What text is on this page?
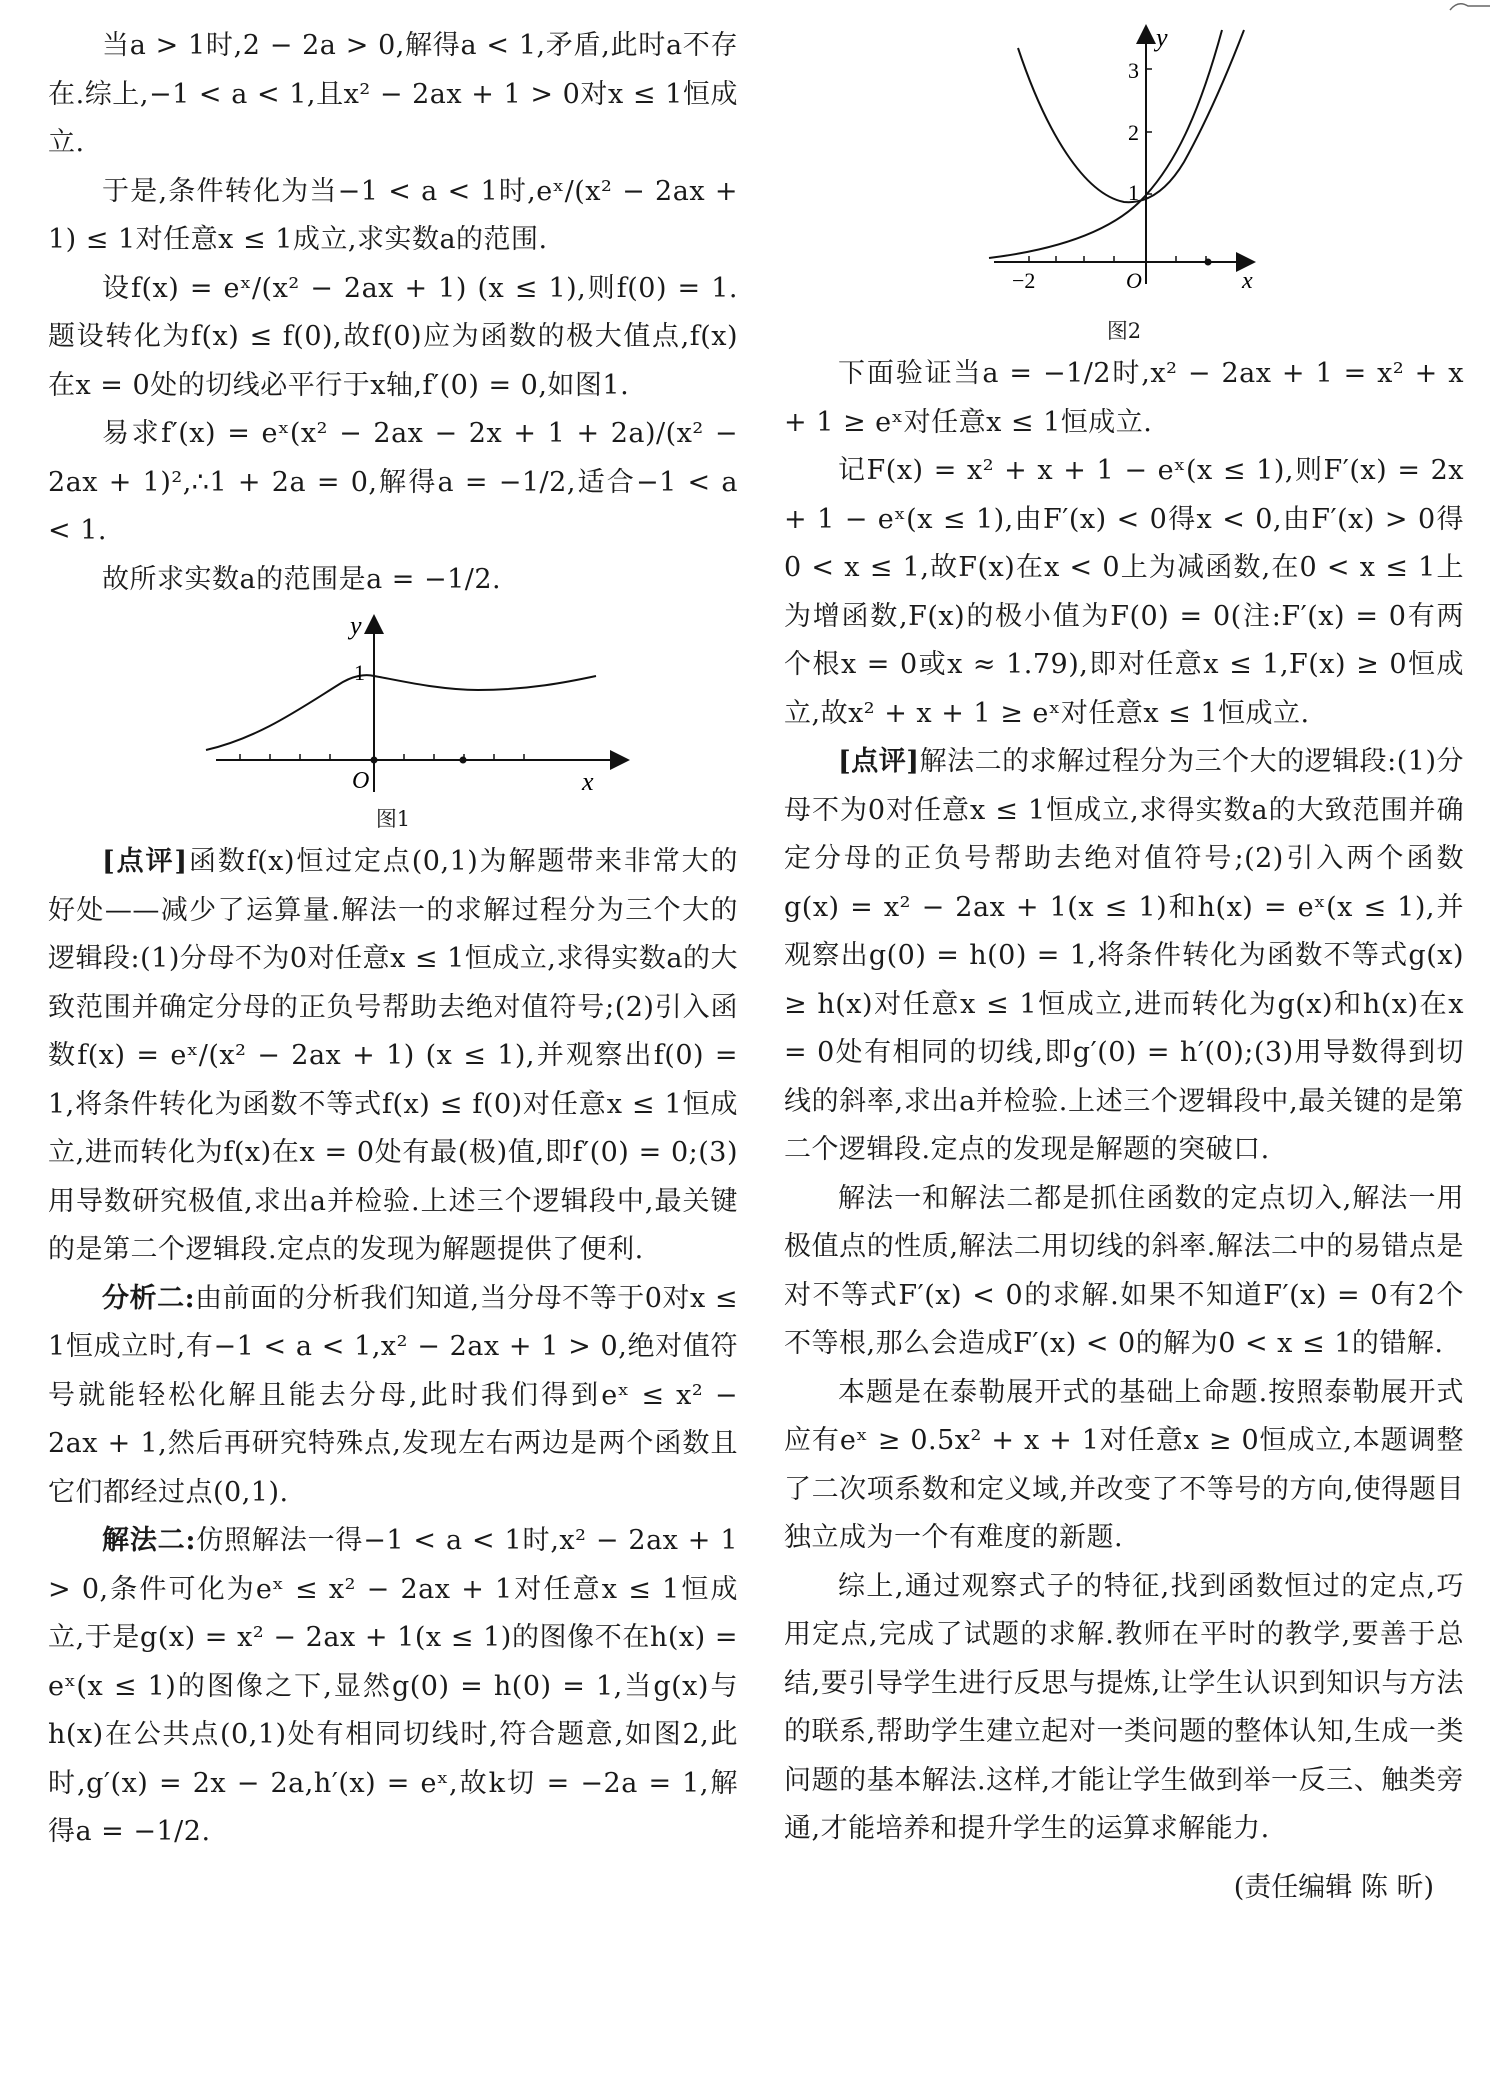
当a > 1时,2 − 2a > 0,解得a < 1,矛盾,此时a不存在.综上,−1 < a < 1,且x² − 2ax + 1 > 0对x ≤ 1恒成立.

于是,条件转化为当−1 < a < 1时,eˣ/(x² − 2ax + 1) ≤ 1对任意x ≤ 1成立,求实数a的范围.

设f(x) = eˣ/(x² − 2ax + 1) (x ≤ 1),则f(0) = 1.题设转化为f(x) ≤ f(0),故f(0)应为函数的极大值点,f(x)在x = 0处的切线必平行于x轴,f′(0) = 0,如图1.

易求f′(x) = eˣ(x² − 2ax − 2x + 1 + 2a)/(x² − 2ax + 1)²,∴1 + 2a = 0,解得a = −1/2,适合−1 < a < 1.

故所求实数a的范围是a = −1/2.

y
1
O	x
图1

[点评]函数f(x)恒过定点(0,1)为解题带来非常大的好处——减少了运算量.解法一的求解过程分为三个大的逻辑段:(1)分母不为0对任意x ≤ 1恒成立,求得实数a的大致范围并确定分母的正负号帮助去绝对值符号;(2)引入函数f(x) = eˣ/(x² − 2ax + 1) (x ≤ 1),并观察出f(0) = 1,将条件转化为函数不等式f(x) ≤ f(0)对任意x ≤ 1恒成立,进而转化为f(x)在x = 0处有最(极)值,即f′(0) = 0;(3)用导数研究极值,求出a并检验.上述三个逻辑段中,最关键的是第二个逻辑段.定点的发现为解题提供了便利.

分析二:由前面的分析我们知道,当分母不等于0对x ≤ 1恒成立时,有−1 < a < 1,x² − 2ax + 1 > 0,绝对值符号就能轻松化解且能去分母,此时我们得到eˣ ≤ x² − 2ax + 1,然后再研究特殊点,发现左右两边是两个函数且它们都经过点(0,1).

解法二:仿照解法一得−1 < a < 1时,x² − 2ax + 1 > 0,条件可化为eˣ ≤ x² − 2ax + 1对任意x ≤ 1恒成立,于是g(x) = x² − 2ax + 1(x ≤ 1)的图像不在h(x) = eˣ(x ≤ 1)的图像之下,显然g(0) = h(0) = 1,当g(x)与h(x)在公共点(0,1)处有相同切线时,符合题意,如图2,此时,g′(x) = 2x − 2a,h′(x) = eˣ,故k切 = −2a = 1,解得a = −1/2.

y
3
2
1
−2	O	x
图2

下面验证当a = −1/2时,x² − 2ax + 1 = x² + x + 1 ≥ eˣ对任意x ≤ 1恒成立.

记F(x) = x² + x + 1 − eˣ(x ≤ 1),则F′(x) = 2x + 1 − eˣ(x ≤ 1),由F′(x) < 0得x < 0,由F′(x) > 0得0 < x ≤ 1,故F(x)在x < 0上为减函数,在0 < x ≤ 1上为增函数,F(x)的极小值为F(0) = 0(注:F′(x) = 0有两个根x = 0或x ≈ 1.79),即对任意x ≤ 1,F(x) ≥ 0恒成立,故x² + x + 1 ≥ eˣ对任意x ≤ 1恒成立.

[点评]解法二的求解过程分为三个大的逻辑段:(1)分母不为0对任意x ≤ 1恒成立,求得实数a的大致范围并确定分母的正负号帮助去绝对值符号;(2)引入两个函数g(x) = x² − 2ax + 1(x ≤ 1)和h(x) = eˣ(x ≤ 1),并观察出g(0) = h(0) = 1,将条件转化为函数不等式g(x) ≥ h(x)对任意x ≤ 1恒成立,进而转化为g(x)和h(x)在x = 0处有相同的切线,即g′(0) = h′(0);(3)用导数得到切线的斜率,求出a并检验.上述三个逻辑段中,最关键的是第二个逻辑段.定点的发现是解题的突破口.

解法一和解法二都是抓住函数的定点切入,解法一用极值点的性质,解法二用切线的斜率.解法二中的易错点是对不等式F′(x) < 0的求解.如果不知道F′(x) = 0有2个不等根,那么会造成F′(x) < 0的解为0 < x ≤ 1的错解.

本题是在泰勒展开式的基础上命题.按照泰勒展开式应有eˣ ≥ 0.5x² + x + 1对任意x ≥ 0恒成立,本题调整了二次项系数和定义域,并改变了不等号的方向,使得题目独立成为一个有难度的新题.

综上,通过观察式子的特征,找到函数恒过的定点,巧用定点,完成了试题的求解.教师在平时的教学,要善于总结,要引导学生进行反思与提炼,让学生认识到知识与方法的联系,帮助学生建立起对一类问题的整体认知,生成一类问题的基本解法.这样,才能让学生做到举一反三、触类旁通,才能培养和提升学生的运算求解能力.

(责任编辑 陈 昕)
